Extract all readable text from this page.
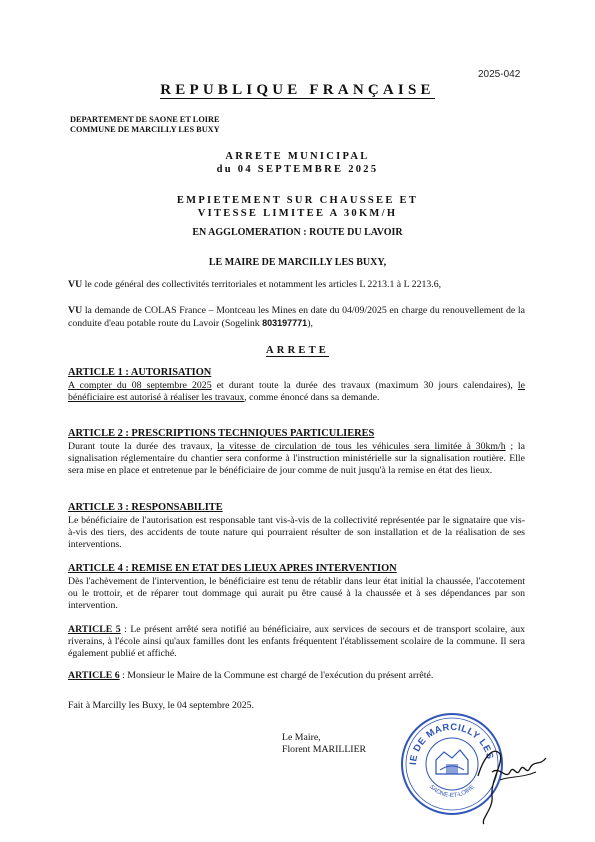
2025-042
REPUBLIQUE FRANÇAISE
DEPARTEMENT DE SAONE ET LOIRE
COMMUNE DE MARCILLY LES BUXY
ARRETE MUNICIPAL
du 04 SEPTEMBRE 2025
EMPIETEMENT SUR CHAUSSEE ET
VITESSE LIMITEE A 30KM/H
EN AGGLOMERATION : ROUTE DU LAVOIR
LE MAIRE DE MARCILLY LES BUXY,
VU le code général des collectivités territoriales et notamment les articles L 2213.1 à L 2213.6,
VU la demande de COLAS France – Montceau les Mines en date du 04/09/2025 en charge du renouvellement de la conduite d'eau potable route du Lavoir (Sogelink 803197771),
ARRETE
ARTICLE 1 : AUTORISATION
A compter du 08 septembre 2025 et durant toute la durée des travaux (maximum 30 jours calendaires), le bénéficiaire est autorisé à réaliser les travaux, comme énoncé dans sa demande.
ARTICLE 2 : PRESCRIPTIONS TECHNIQUES PARTICULIERES
Durant toute la durée des travaux, la vitesse de circulation de tous les véhicules sera limitée à 30km/h ; la signalisation réglementaire du chantier sera conforme à l'instruction ministérielle sur la signalisation routière. Elle sera mise en place et entretenue par le bénéficiaire de jour comme de nuit jusqu'à la remise en état des lieux.
ARTICLE 3 : RESPONSABILITE
Le bénéficiaire de l'autorisation est responsable tant vis-à-vis de la collectivité représentée par le signataire que vis-à-vis des tiers, des accidents de toute nature qui pourraient résulter de son installation et de la réalisation de ses interventions.
ARTICLE 4 : REMISE EN ETAT DES LIEUX APRES INTERVENTION
Dès l'achèvement de l'intervention, le bénéficiaire est tenu de rétablir dans leur état initial la chaussée, l'accotement ou le trottoir, et de réparer tout dommage qui aurait pu être causé à la chaussée et à ses dépendances par son intervention.
ARTICLE 5 : Le présent arrêté sera notifié au bénéficiaire, aux services de secours et de transport scolaire, aux riverains, à l'école ainsi qu'aux familles dont les enfants fréquentent l'établissement scolaire de la commune. Il sera également publié et affiché.
ARTICLE 6 : Monsieur le Maire de la Commune est chargé de l'exécution du présent arrêté.
Fait à Marcilly les Buxy, le 04 septembre 2025.
Le Maire,
Florent MARILLIER
IE DE MARCILLY LES
SAONE-ET-LOIRE
